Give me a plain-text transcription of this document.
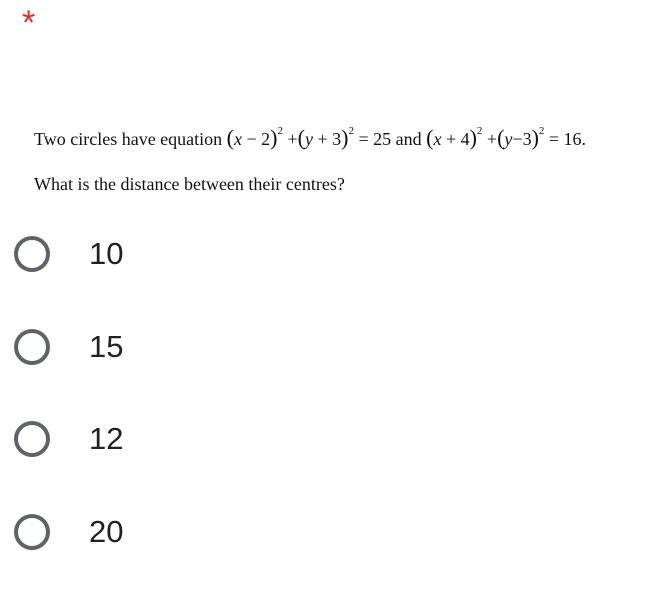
*
Two circles have equation $(x - 2)^2 +(y + 3)^2 = 25$ and $(x + 4)^2 +(y-3)^2 = 16$.
What is the distance between their centres?
10
15
12
20
